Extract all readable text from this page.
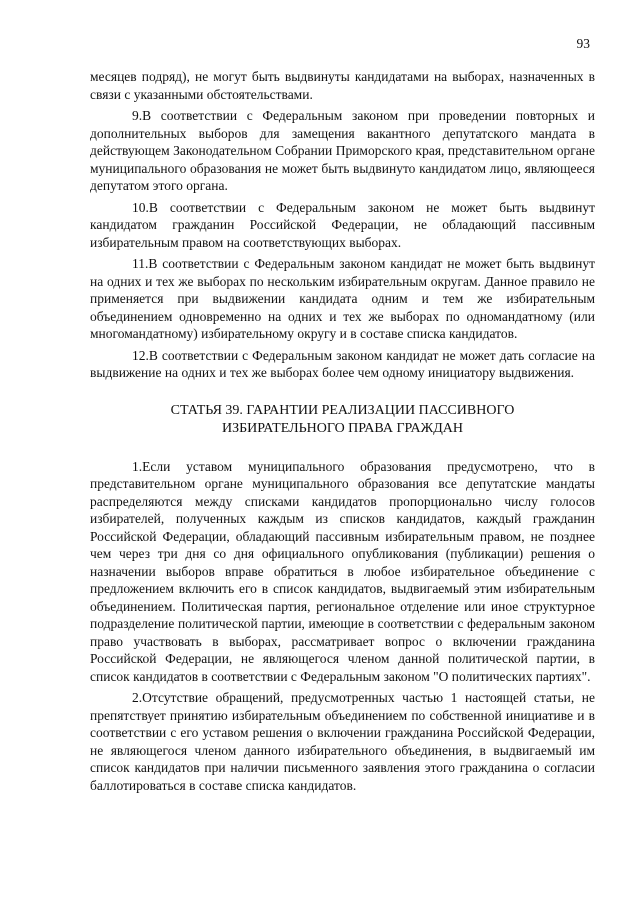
93

месяцев подряд), не могут быть выдвинуты кандидатами на выборах, назначенных в связи с указанными обстоятельствами.

9.В соответствии с Федеральным законом при проведении повторных и дополнительных выборов для замещения вакантного депутатского мандата в действующем Законодательном Собрании Приморского края, представительном органе муниципального образования не может быть выдвинуто кандидатом лицо, являющееся депутатом этого органа.

10.В соответствии с Федеральным законом не может быть выдвинут кандидатом гражданин Российской Федерации, не обладающий пассивным избирательным правом на соответствующих выборах.

11.В соответствии с Федеральным законом кандидат не может быть выдвинут на одних и тех же выборах по нескольким избирательным округам. Данное правило не применяется при выдвижении кандидата одним и тем же избирательным объединением одновременно на одних и тех же выборах по одномандатному (или многомандатному) избирательному округу и в составе списка кандидатов.

12.В соответствии с Федеральным законом кандидат не может дать согласие на выдвижение на одних и тех же выборах более чем одному инициатору выдвижения.

СТАТЬЯ 39. ГАРАНТИИ РЕАЛИЗАЦИИ ПАССИВНОГО
ИЗБИРАТЕЛЬНОГО ПРАВА ГРАЖДАН

1.Если уставом муниципального образования предусмотрено, что в представительном органе муниципального образования все депутатские мандаты распределяются между списками кандидатов пропорционально числу голосов избирателей, полученных каждым из списков кандидатов, каждый гражданин Российской Федерации, обладающий пассивным избирательным правом, не позднее чем через три дня со дня официального опубликования (публикации) решения о назначении выборов вправе обратиться в любое избирательное объединение с предложением включить его в список кандидатов, выдвигаемый этим избирательным объединением. Политическая партия, региональное отделение или иное структурное подразделение политической партии, имеющие в соответствии с федеральным законом право участвовать в выборах, рассматривает вопрос о включении гражданина Российской Федерации, не являющегося членом данной политической партии, в список кандидатов в соответствии с Федеральным законом "О политических партиях".

2.Отсутствие обращений, предусмотренных частью 1 настоящей статьи, не препятствует принятию избирательным объединением по собственной инициативе и в соответствии с его уставом решения о включении гражданина Российской Федерации, не являющегося членом данного избирательного объединения, в выдвигаемый им список кандидатов при наличии письменного заявления этого гражданина о согласии баллотироваться в составе списка кандидатов.
